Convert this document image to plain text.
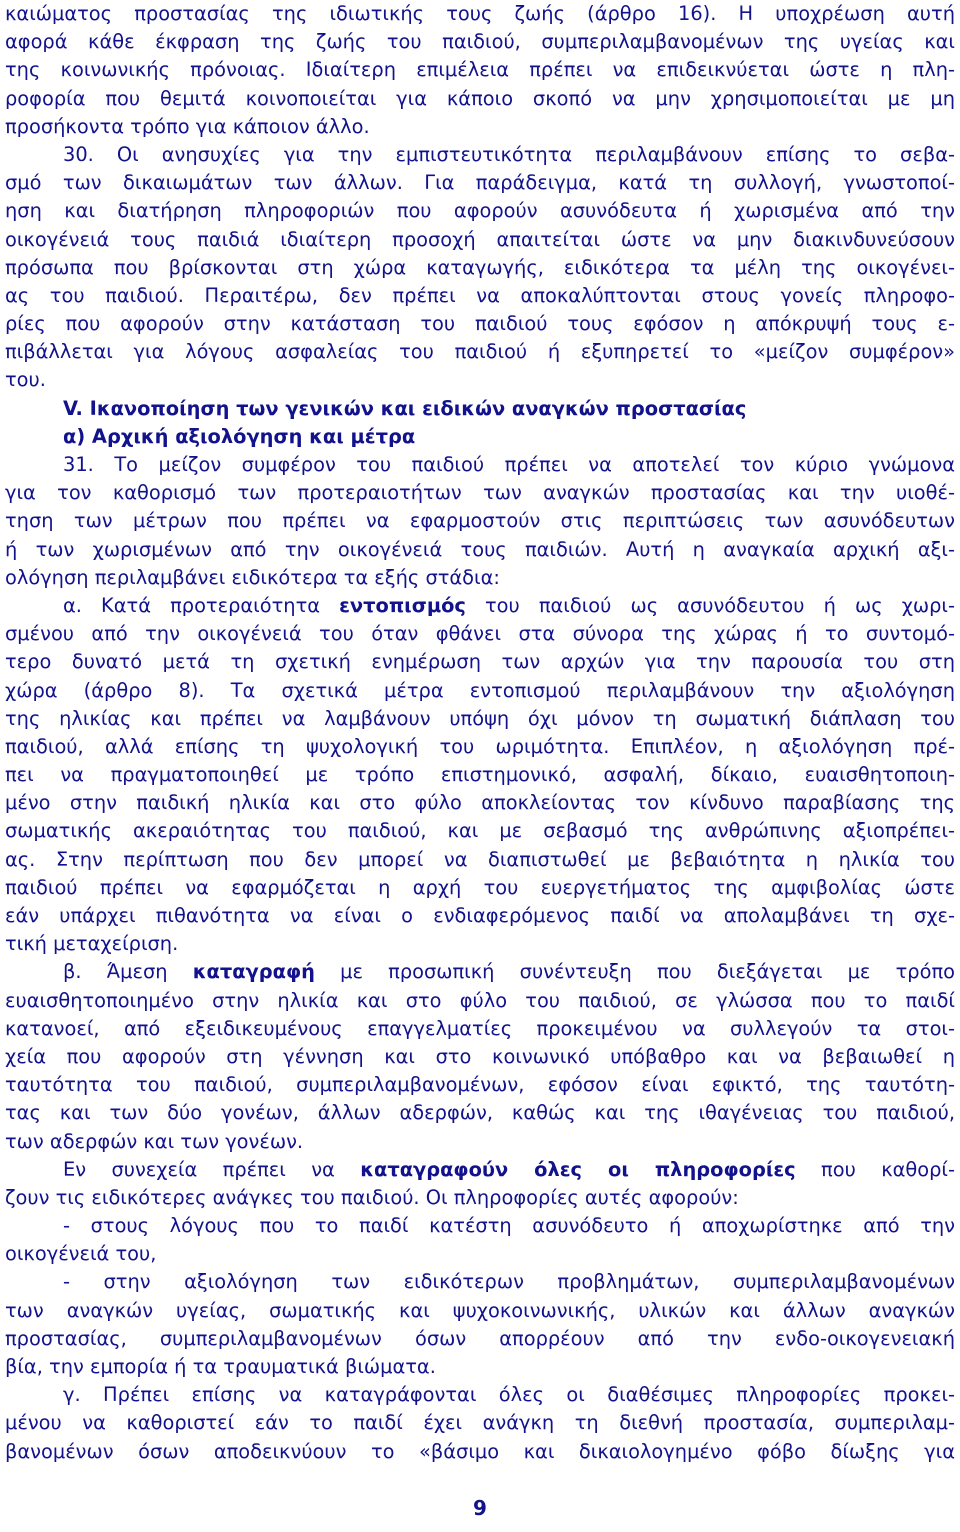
καιώματος προστασίας της ιδιωτικής τους ζωής (άρθρο 16). Η υποχρέωση αυτή
αφορά κάθε έκφραση της ζωής του παιδιού, συμπεριλαμβανομένων της υγείας και
της κοινωνικής πρόνοιας. Ιδιαίτερη επιμέλεια πρέπει να επιδεικνύεται ώστε η πλη-
ροφορία που θεμιτά κοινοποιείται για κάποιο σκοπό να μην χρησιμοποιείται με μη
προσήκοντα τρόπο για κάποιον άλλο.
30. Οι ανησυχίες για την εμπιστευτικότητα περιλαμβάνουν επίσης το σεβα-
σμό των δικαιωμάτων των άλλων. Για παράδειγμα, κατά τη συλλογή, γνωστοποί-
ηση και διατήρηση πληροφοριών που αφορούν ασυνόδευτα ή χωρισμένα από την
οικογένειά τους παιδιά ιδιαίτερη προσοχή απαιτείται ώστε να μην διακινδυνεύσουν
πρόσωπα που βρίσκονται στη χώρα καταγωγής, ειδικότερα τα μέλη της οικογένει-
ας του παιδιού. Περαιτέρω, δεν πρέπει να αποκαλύπτονται στους γονείς πληροφο-
ρίες που αφορούν στην κατάσταση του παιδιού τους εφόσον η απόκρυψή τους ε-
πιβάλλεται για λόγους ασφαλείας του παιδιού ή εξυπηρετεί το «μείζον συμφέρον»
του.
V. Ικανοποίηση των γενικών και ειδικών αναγκών προστασίας
α) Αρχική αξιολόγηση και μέτρα
31. Το μείζον συμφέρον του παιδιού πρέπει να αποτελεί τον κύριο γνώμονα
για τον καθορισμό των προτεραιοτήτων των αναγκών προστασίας και την υιοθέ-
τηση των μέτρων που πρέπει να εφαρμοστούν στις περιπτώσεις των ασυνόδευτων
ή των χωρισμένων από την οικογένειά τους παιδιών. Αυτή η αναγκαία αρχική αξι-
ολόγηση περιλαμβάνει ειδικότερα τα εξής στάδια:
α. Κατά προτεραιότητα εντοπισμός του παιδιού ως ασυνόδευτου ή ως χωρι-
σμένου από την οικογένειά του όταν φθάνει στα σύνορα της χώρας ή το συντομό-
τερο δυνατό μετά τη σχετική ενημέρωση των αρχών για την παρουσία του στη
χώρα (άρθρο 8). Τα σχετικά μέτρα εντοπισμού περιλαμβάνουν την αξιολόγηση
της ηλικίας και πρέπει να λαμβάνουν υπόψη όχι μόνον τη σωματική διάπλαση του
παιδιού, αλλά επίσης τη ψυχολογική του ωριμότητα. Επιπλέον, η αξιολόγηση πρέ-
πει να πραγματοποιηθεί με τρόπο επιστημονικό, ασφαλή, δίκαιο, ευαισθητοποιη-
μένο στην παιδική ηλικία και στο φύλο αποκλείοντας τον κίνδυνο παραβίασης της
σωματικής ακεραιότητας του παιδιού, και με σεβασμό της ανθρώπινης αξιοπρέπει-
ας. Στην περίπτωση που δεν μπορεί να διαπιστωθεί με βεβαιότητα η ηλικία του
παιδιού πρέπει να εφαρμόζεται η αρχή του ευεργετήματος της αμφιβολίας ώστε
εάν υπάρχει πιθανότητα να είναι ο ενδιαφερόμενος παιδί να απολαμβάνει τη σχε-
τική μεταχείριση.
β. Άμεση καταγραφή με προσωπική συνέντευξη που διεξάγεται με τρόπο
ευαισθητοποιημένο στην ηλικία και στο φύλο του παιδιού, σε γλώσσα που το παιδί
κατανοεί, από εξειδικευμένους επαγγελματίες προκειμένου να συλλεγούν τα στοι-
χεία που αφορούν στη γέννηση και στο κοινωνικό υπόβαθρο και να βεβαιωθεί η
ταυτότητα του παιδιού, συμπεριλαμβανομένων, εφόσον είναι εφικτό, της ταυτότη-
τας και των δύο γονέων, άλλων αδερφών, καθώς και της ιθαγένειας του παιδιού,
των αδερφών και των γονέων.
Εν συνεχεία πρέπει να καταγραφούν όλες οι πληροφορίες που καθορί-
ζουν τις ειδικότερες ανάγκες του παιδιού. Οι πληροφορίες αυτές αφορούν:
- στους λόγους που το παιδί κατέστη ασυνόδευτο ή αποχωρίστηκε από την
οικογένειά του,
- στην αξιολόγηση των ειδικότερων προβλημάτων, συμπεριλαμβανομένων
των αναγκών υγείας, σωματικής και ψυχοκοινωνικής, υλικών και άλλων αναγκών
προστασίας, συμπεριλαμβανομένων όσων απορρέουν από την ενδο-οικογενειακή
βία, την εμπορία ή τα τραυματικά βιώματα.
γ. Πρέπει επίσης να καταγράφονται όλες οι διαθέσιμες πληροφορίες προκει-
μένου να καθοριστεί εάν το παιδί έχει ανάγκη τη διεθνή προστασία, συμπεριλαμ-
βανομένων όσων αποδεικνύουν το «βάσιμο και δικαιολογημένο φόβο δίωξης για
9
